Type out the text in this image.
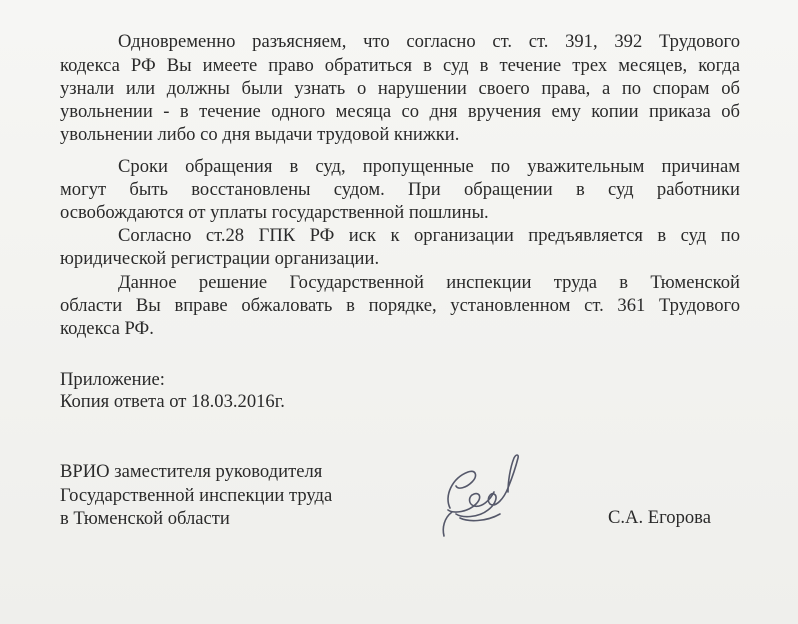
Одновременно разъясняем, что согласно ст. ст. 391, 392 Трудового
кодекса РФ Вы имеете право обратиться в суд в течение трех месяцев, когда
узнали или должны были узнать о нарушении своего права, а по спорам об
увольнении - в течение одного месяца со дня вручения ему копии приказа об
увольнении либо со дня выдачи трудовой книжки.
Сроки обращения в суд, пропущенные по уважительным причинам
могут быть восстановлены судом. При обращении в суд работники
освобождаются от уплаты государственной пошлины.
Согласно ст.28 ГПК РФ иск к организации предъявляется в суд по
юридической регистрации организации.
Данное решение Государственной инспекции труда в Тюменской
области Вы вправе обжаловать в порядке, установленном ст. 361 Трудового
кодекса РФ.
Приложение:
Копия ответа от 18.03.2016г.
ВРИО заместителя руководителя
Государственной инспекции труда
в Тюменской области	С.А. Егорова
